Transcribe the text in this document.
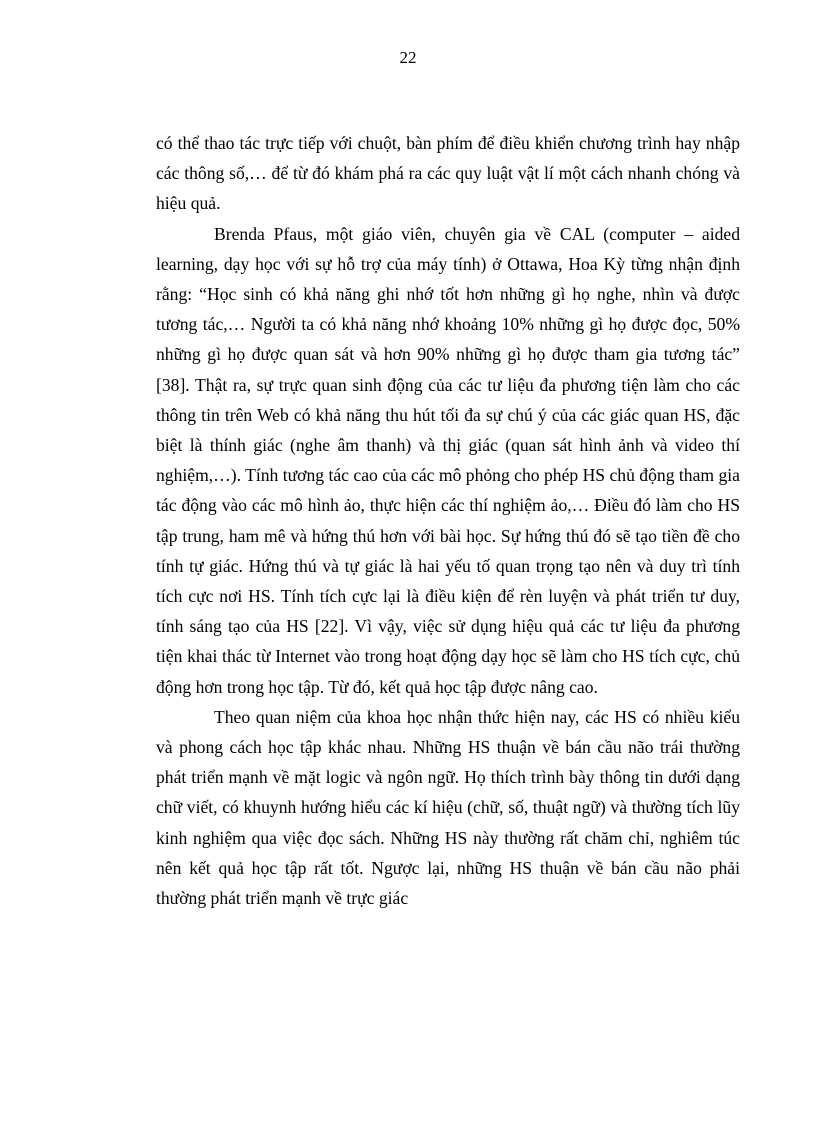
22

có thể thao tác trực tiếp với chuột, bàn phím để điều khiển chương trình hay nhập các thông số,… để từ đó khám phá ra các quy luật vật lí một cách nhanh chóng và hiệu quả.

Brenda Pfaus, một giáo viên, chuyên gia về CAL (computer – aided learning, dạy học với sự hỗ trợ của máy tính) ở Ottawa, Hoa Kỳ từng nhận định rằng: “Học sinh có khả năng ghi nhớ tốt hơn những gì họ nghe, nhìn và được tương tác,… Người ta có khả năng nhớ khoảng 10% những gì họ được đọc, 50% những gì họ được quan sát và hơn 90% những gì họ được tham gia tương tác” [38]. Thật ra, sự trực quan sinh động của các tư liệu đa phương tiện làm cho các thông tin trên Web có khả năng thu hút tối đa sự chú ý của các giác quan HS, đặc biệt là thính giác (nghe âm thanh) và thị giác (quan sát hình ảnh và video thí nghiệm,…). Tính tương tác cao của các mô phỏng cho phép HS chủ động tham gia tác động vào các mô hình ảo, thực hiện các thí nghiệm ảo,… Điều đó làm cho HS tập trung, ham mê và hứng thú hơn với bài học. Sự hứng thú đó sẽ tạo tiền đề cho tính tự giác. Hứng thú và tự giác là hai yếu tố quan trọng tạo nên và duy trì tính tích cực nơi HS. Tính tích cực lại là điều kiện để rèn luyện và phát triển tư duy, tính sáng tạo của HS [22]. Vì vậy, việc sử dụng hiệu quả các tư liệu đa phương tiện khai thác từ Internet vào trong hoạt động dạy học sẽ làm cho HS tích cực, chủ động hơn trong học tập. Từ đó, kết quả học tập được nâng cao.

Theo quan niệm của khoa học nhận thức hiện nay, các HS có nhiều kiểu và phong cách học tập khác nhau. Những HS thuận về bán cầu não trái thường phát triển mạnh về mặt logic và ngôn ngữ. Họ thích trình bày thông tin dưới dạng chữ viết, có khuynh hướng hiểu các kí hiệu (chữ, số, thuật ngữ) và thường tích lũy kinh nghiệm qua việc đọc sách. Những HS này thường rất chăm chỉ, nghiêm túc nên kết quả học tập rất tốt. Ngược lại, những HS thuận về bán cầu não phải thường phát triển mạnh về trực giác
